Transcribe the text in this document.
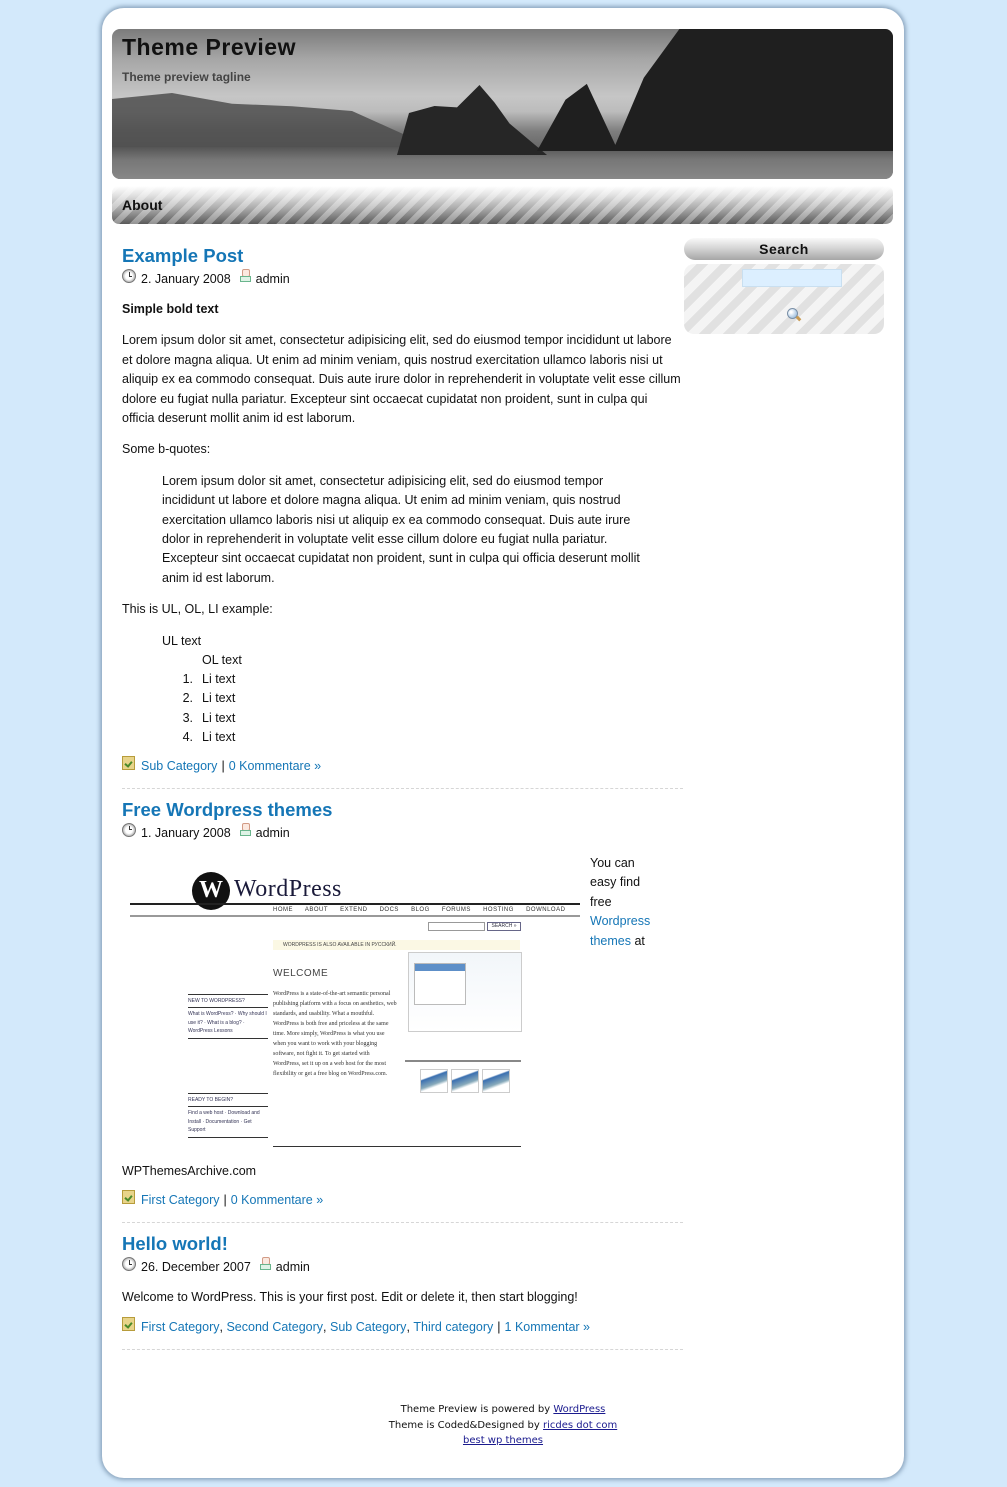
Theme Preview
Theme preview tagline
About
Example Post
2. January 2008 admin

Simple bold text

Lorem ipsum dolor sit amet, consectetur adipisicing elit, sed do eiusmod tempor incididunt ut labore et dolore magna aliqua. Ut enim ad minim veniam, quis nostrud exercitation ullamco laboris nisi ut aliquip ex ea commodo consequat. Duis aute irure dolor in reprehenderit in voluptate velit esse cillum dolore eu fugiat nulla pariatur. Excepteur sint occaecat cupidatat non proident, sunt in culpa qui officia deserunt mollit anim id est laborum.

Some b-quotes:

Lorem ipsum dolor sit amet, consectetur adipisicing elit, sed do eiusmod tempor incididunt ut labore et dolore magna aliqua. Ut enim ad minim veniam, quis nostrud exercitation ullamco laboris nisi ut aliquip ex ea commodo consequat. Duis aute irure dolor in reprehenderit in voluptate velit esse cillum dolore eu fugiat nulla pariatur. Excepteur sint occaecat cupidatat non proident, sunt in culpa qui officia deserunt mollit anim id est laborum.

This is UL, OL, LI example:

UL text
OL text
1. Li text
2. Li text
3. Li text
4. Li text
Sub Category | 0 Kommentare »
Free Wordpress themes
1. January 2008 admin
W
WordPress
HOME ABOUT EXTEND DOCS BLOG FORUMS HOSTING DOWNLOAD
SEARCH »
WORDPRESS IS ALSO AVAILABLE IN РУССКИЙ.
WELCOME
WordPress is a state-of-the-art semantic personal publishing platform with a focus on aesthetics, web standards, and usability. What a mouthful. WordPress is both free and priceless at the same time. More simply, WordPress is what you use when you want to work with your blogging software, not fight it. To get started with WordPress, set it up on a web host for the most flexibility or get a free blog on WordPress.com.
NEW TO WORDPRESS?
What is WordPress? · Why should I use it? · What is a blog? · WordPress Lessons
READY TO BEGIN?
Find a web host · Download and Install · Documentation · Get Support
You can easy find free Wordpress themes at

WPThemesArchive.com

First Category | 0 Kommentare »
Hello world!
26. December 2007 admin

Welcome to WordPress. This is your first post. Edit or delete it, then start blogging!

First Category , Second Category , Sub Category , Third category | 1 Kommentar »
Search
Theme Preview is powered by WordPress
Theme is Coded&Designed by ricdes dot com
best wp themes
